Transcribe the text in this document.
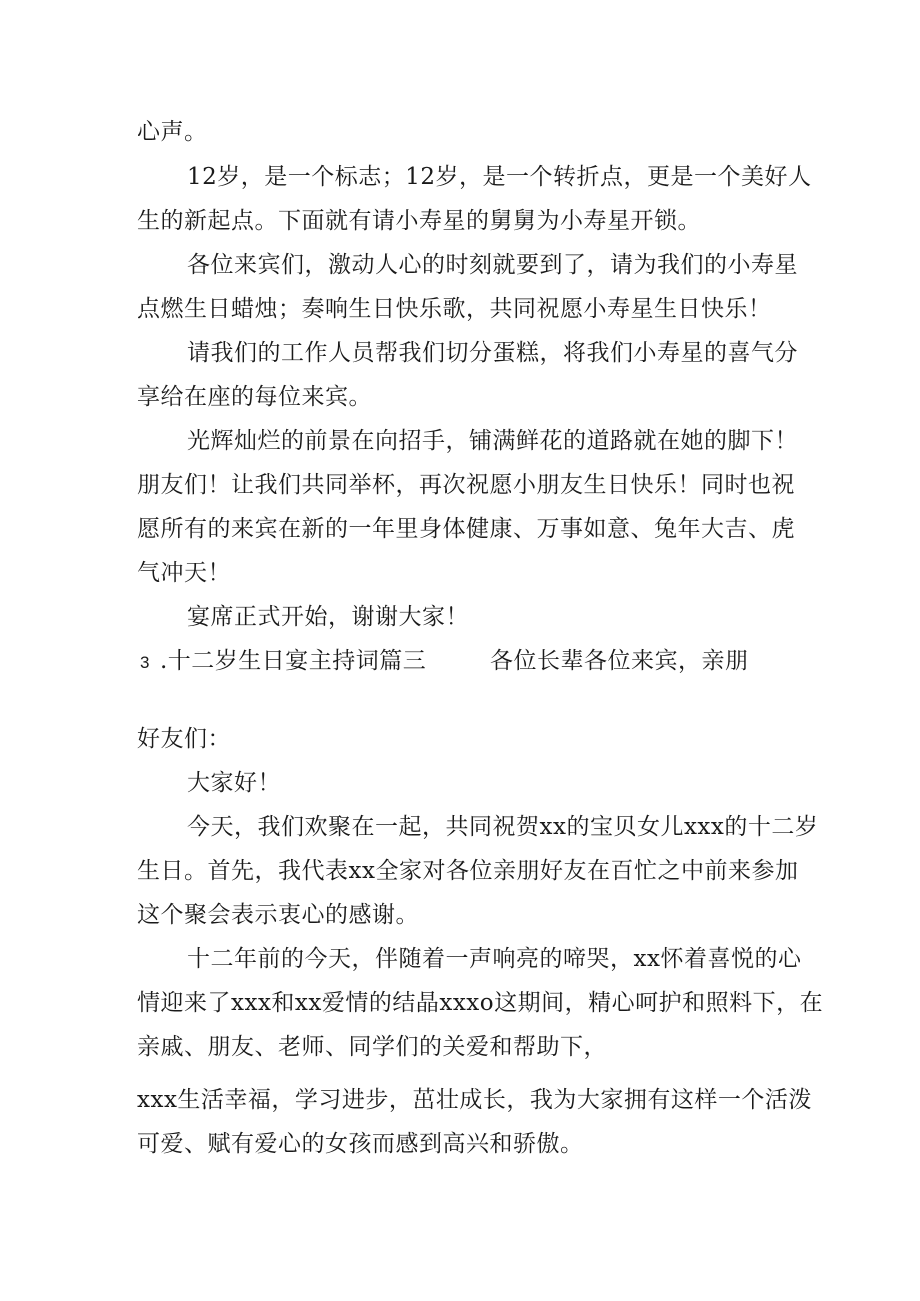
心声。
12岁，是一个标志；12岁，是一个转折点，更是一个美好人
生的新起点。下面就有请小寿星的舅舅为小寿星开锁。
各位来宾们，激动人心的时刻就要到了，请为我们的小寿星
点燃生日蜡烛；奏响生日快乐歌，共同祝愿小寿星生日快乐！
请我们的工作人员帮我们切分蛋糕，将我们小寿星的喜气分
享给在座的每位来宾。
光辉灿烂的前景在向招手，铺满鲜花的道路就在她的脚下！
朋友们！让我们共同举杯，再次祝愿小朋友生日快乐！同时也祝
愿所有的来宾在新的一年里身体健康、万事如意、兔年大吉、虎
气冲天！
宴席正式开始，谢谢大家！
3 .十二岁生日宴主持词篇三	各位长辈各位来宾，亲朋
好友们：
大家好！
今天，我们欢聚在一起，共同祝贺xx的宝贝女儿xxx的十二岁
生日。首先，我代表xx全家对各位亲朋好友在百忙之中前来参加
这个聚会表示衷心的感谢。
十二年前的今天，伴随着一声响亮的啼哭，xx怀着喜悦的心
情迎来了xxx和xx爱情的结晶xxxo这期间，精心呵护和照料下，在
亲戚、朋友、老师、同学们的关爱和帮助下，
xxx生活幸福，学习进步，茁壮成长，我为大家拥有这样一个活泼
可爱、赋有爱心的女孩而感到高兴和骄傲。
